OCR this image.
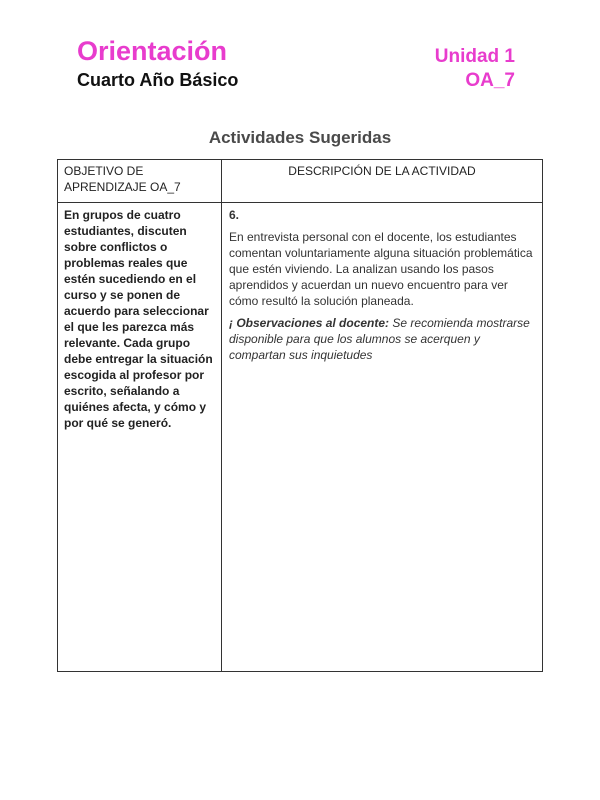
Orientación
Cuarto Año Básico
Unidad 1
OA_7
Actividades Sugeridas
OBJETIVO DE APRENDIZAJE OA_7
DESCRIPCIÓN DE LA ACTIVIDAD
En grupos de cuatro estudiantes, discuten sobre conflictos o problemas reales que estén sucediendo en el curso y se ponen de acuerdo para seleccionar el que les parezca más relevante. Cada grupo debe entregar la situación escogida al profesor por escrito, señalando a quiénes afecta, y cómo y por qué se generó.

6.

En entrevista personal con el docente, los estudiantes comentan voluntariamente alguna situación problemática que estén viviendo. La analizan usando los pasos aprendidos y acuerdan un nuevo encuentro para ver cómo resultó la solución planeada.

¡ Observaciones al docente: Se recomienda mostrarse disponible para que los alumnos se acerquen y compartan sus inquietudes
